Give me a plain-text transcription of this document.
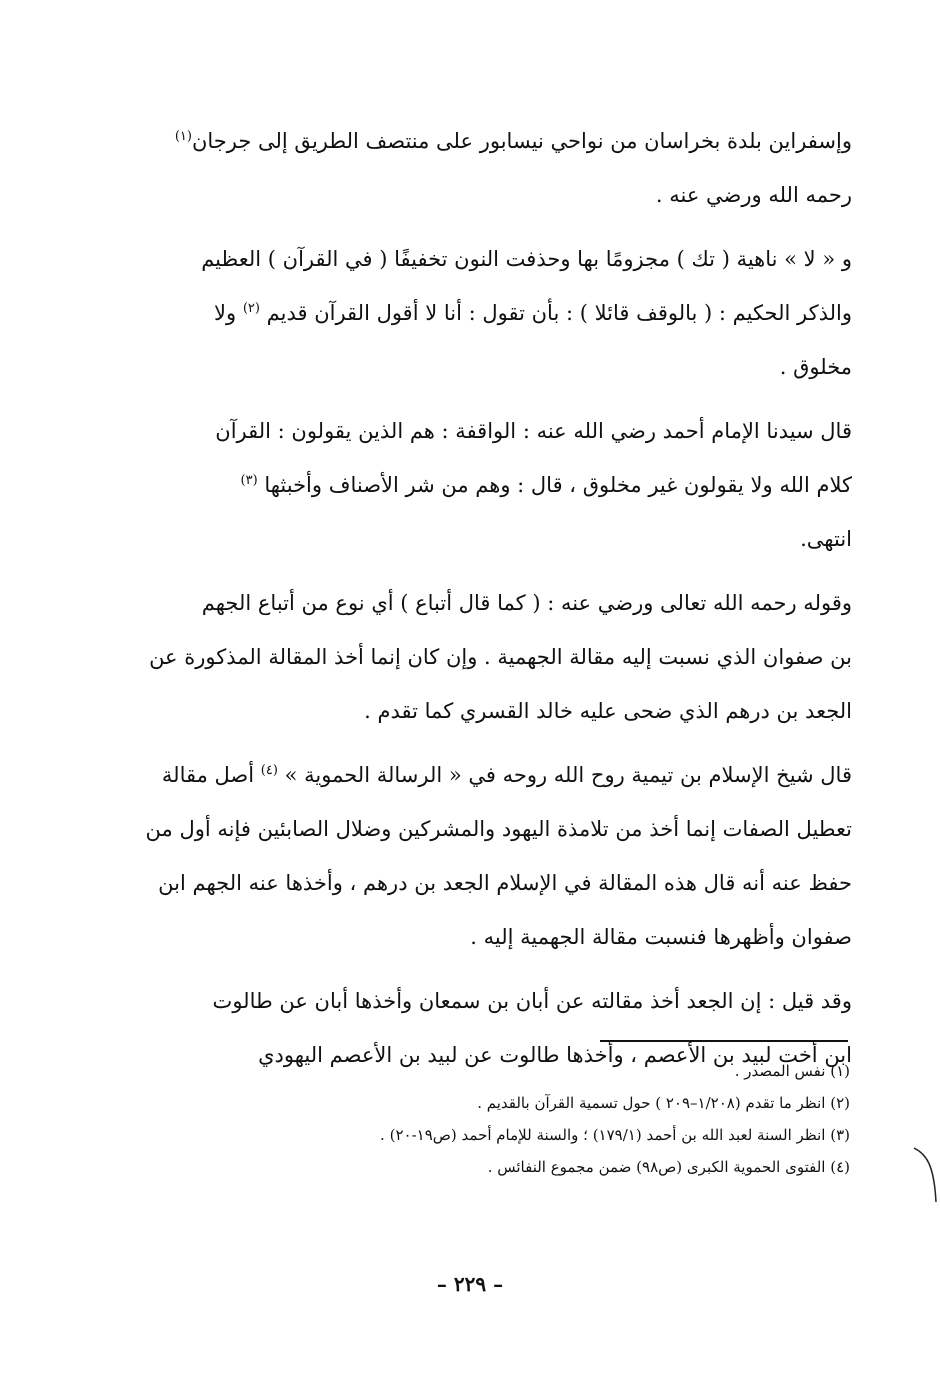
وإسفراين بلدة بخراسان من نواحي نيسابور على منتصف الطريق إلى جرجان$^{(١)}$
رحمه الله ورضي عنه .
و « لا » ناهية ( تك ) مجزومًا بها وحذفت النون تخفيفًا ( في القرآن ) العظيم
والذكر الحكيم : ( بالوقف قائلا ) : بأن تقول : أنا لا أقول القرآن قديم $^{(٢)}$ ولا
مخلوق .
قال سيدنا الإمام أحمد رضي الله عنه : الواقفة : هم الذين يقولون : القرآن
كلام الله ولا يقولون غير مخلوق ، قال : وهم من شر الأصناف وأخبثها $^{(٣)}$
انتهى.
وقوله رحمه الله تعالى ورضي عنه : ( كما قال أتباع ) أي نوع من أتباع الجهم
بن صفوان الذي نسبت إليه مقالة الجهمية . وإن كان إنما أخذ المقالة المذكورة عن
الجعد بن درهم الذي ضحى عليه خالد القسري كما تقدم .
قال شيخ الإسلام بن تيمية روح الله روحه في « الرسالة الحموية » $^{(٤)}$ أصل مقالة
تعطيل الصفات إنما أخذ من تلامذة اليهود والمشركين وضلال الصابئين فإنه أول من
حفظ عنه أنه قال هذه المقالة في الإسلام الجعد بن درهم ، وأخذها عنه الجهم ابن
صفوان وأظهرها فنسبت مقالة الجهمية إليه .
وقد قيل : إن الجعد أخذ مقالته عن أبان بن سمعان وأخذها أبان عن طالوت
ابن أخت لبيد بن الأعصم ، وأخذها طالوت عن لبيد بن الأعصم اليهودي
(١) نفس المصدر .
(٢) انظر ما تقدم (١/٢٠٨–٢٠٩ ) حول تسمية القرآن بالقديم .
(٣) انظر السنة لعبد الله بن أحمد (١٧٩/١) ؛ والسنة للإمام أحمد (ص١٩-٢٠) .
(٤) الفتوى الحموية الكبرى (ص٩٨) ضمن مجموع النفائس .
– ٢٢٩ –
